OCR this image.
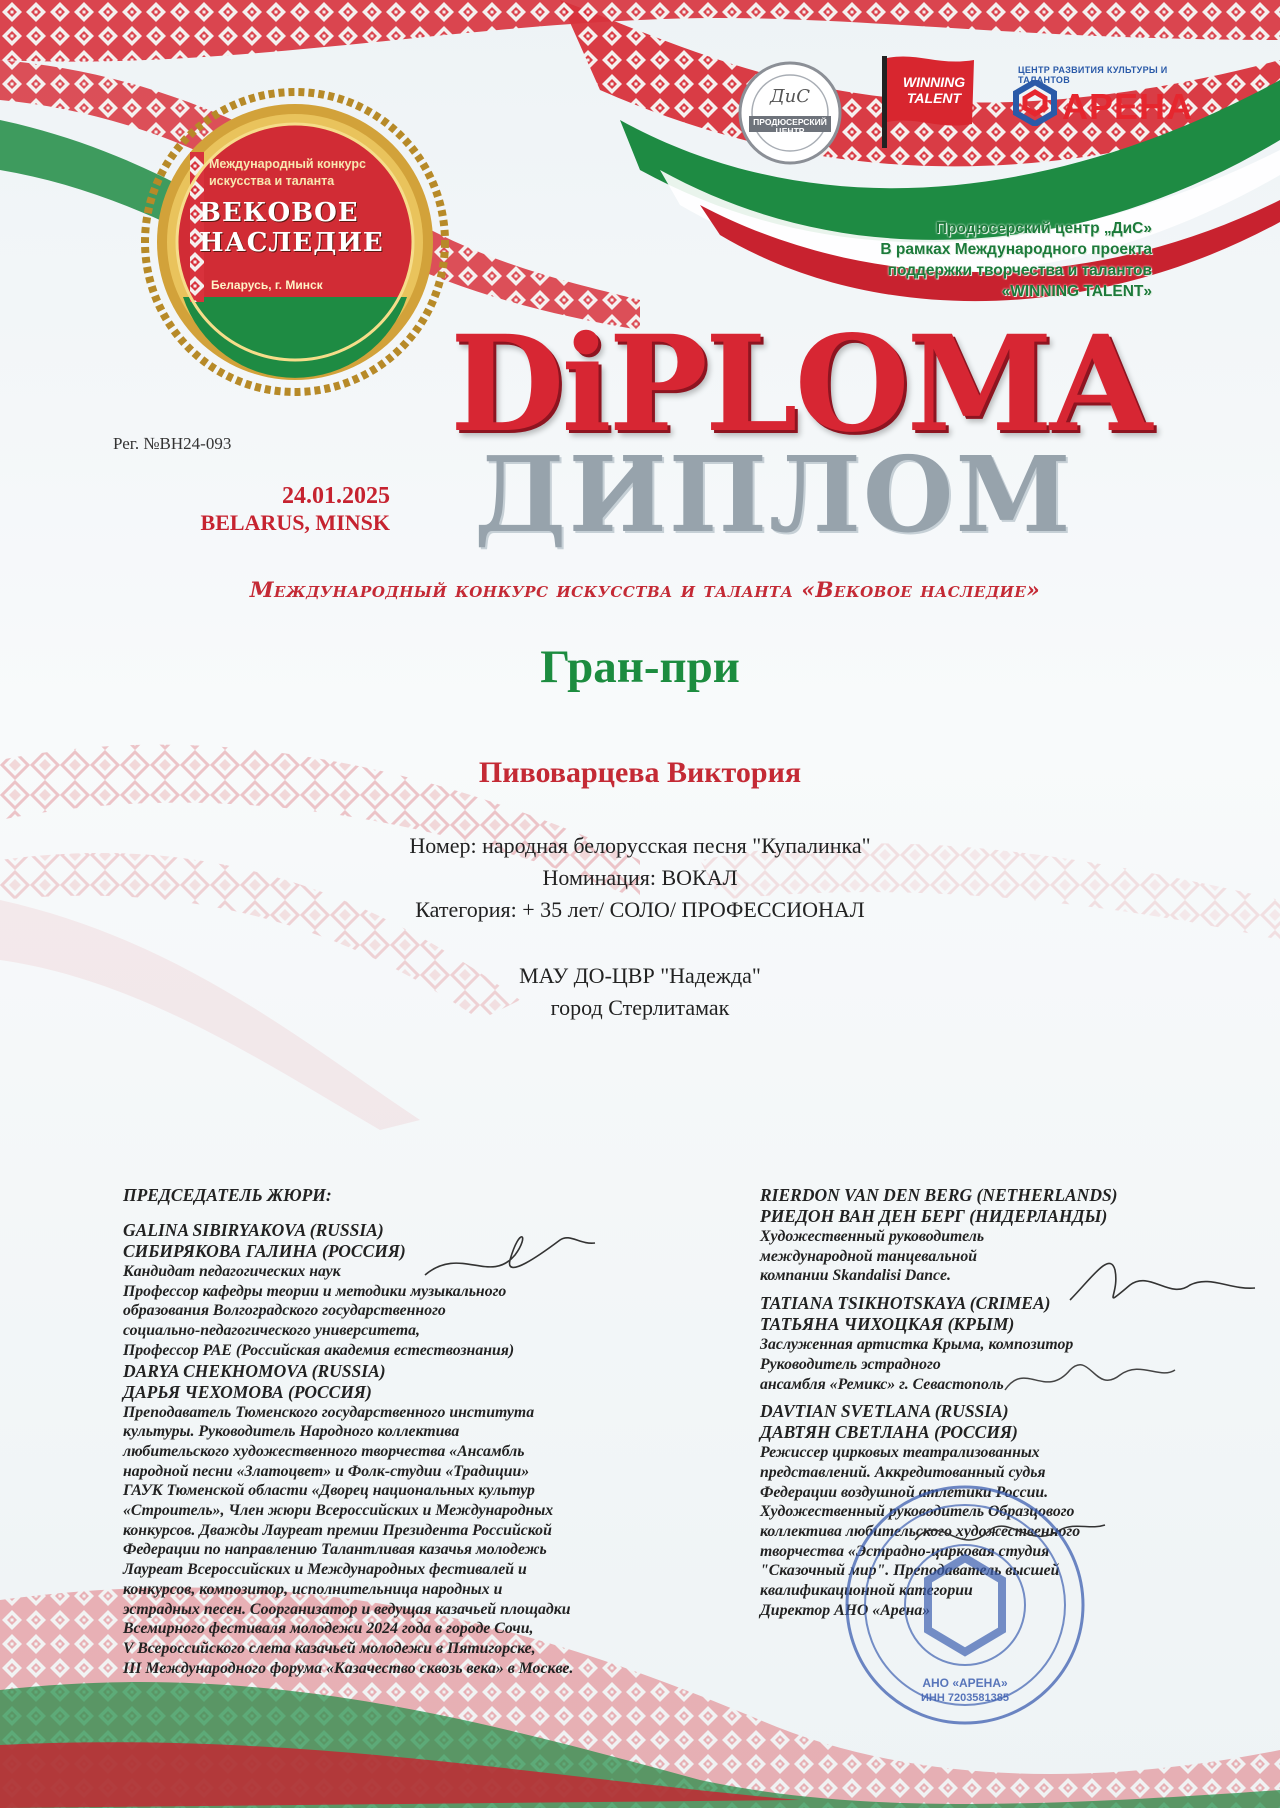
Международный конкурс искусства и таланта
ВЕКОВОЕ
НАСЛЕДИЕ
Беларусь, г. Минск
ДиС
ПРОДЮСЕРСКИЙ ЦЕНТР
WINNING
TALENT
ЦЕНТР РАЗВИТИЯ КУЛЬТУРЫ И ТАЛАНТОВ
АРЕНА
Продюсерский центр „ДиС»
В рамках Международного проекта
поддержки творчества и талантов
«WINNING TALENT»
DiPLOMA
ДИПЛОМ
Рег. №ВН24-093
24.01.2025
BELARUS, MINSK
Международный конкурс искусства и таланта «Вековое наследие»
Гран-при
Пивоварцева Виктория
Номер: народная белорусская песня "Купалинка"
Номинация: ВОКАЛ
Категория: + 35 лет/ СОЛО/ ПРОФЕССИОНАЛ
МАУ ДО-ЦВР "Надежда"
город Стерлитамак
ПРЕДСЕДАТЕЛЬ ЖЮРИ:
GALINA SIBIRYAKOVA (RUSSIA)
СИБИРЯКОВА ГАЛИНА (РОССИЯ)
Кандидат педагогических наук
Профессор кафедры теории и методики музыкального
образования Волгоградского государственного
социально-педагогического университета,
Профессор РАЕ (Российская академия естествознания)
DARYA CHEKHOMOVA (RUSSIA)
ДАРЬЯ ЧЕХОМОВА (РОССИЯ)
Преподаватель Тюменского государственного института
культуры. Руководитель Народного коллектива
любительского художественного творчества «Ансамбль
народной песни «Златоцвет» и Фолк-студии «Традиции»
ГАУК Тюменской области «Дворец национальных культур
«Строитель», Член жюри Всероссийских и Международных
конкурсов. Дважды Лауреат премии Президента Российской
Федерации по направлению Талантливая казачья молодежь
Лауреат Всероссийских и Международных фестивалей и
конкурсов, композитор, исполнительница народных и
эстрадных песен. Соорганизатор и ведущая казачьей площадки
Всемирного фестиваля молодежи 2024 года в городе Сочи,
V Всероссийского слета казачьей молодежи в Пятигорске,
III Международного форума «Казачество сквозь века» в Москве.
RIERDON VAN DEN BERG (NETHERLANDS)
РИЕДОН ВАН ДЕН БЕРГ (НИДЕРЛАНДЫ)
Художественный руководитель
международной танцевальной
компании Skandalisi Dance.
TATIANA TSIKHOTSKAYA (CRIMEA)
ТАТЬЯНА ЧИХОЦКАЯ (КРЫМ)
Заслуженная артистка Крыма, композитор
Руководитель эстрадного
ансамбля «Ремикс» г. Севастополь
DAVTIAN SVETLANA (RUSSIA)
ДАВТЯН СВЕТЛАНА (РОССИЯ)
Режиссер цирковых театрализованных
представлений. Аккредитованный судья
Федерации воздушной атлетики России.
Художественный руководитель Образцового
коллектива любительского художественного
творчества «Эстрадно-цирковая студия
"Сказочный мир". Преподаватель высшей
квалификационной категории
Директор АНО «Арена»
АНО «АРЕНА»
ИНН 7203581385
